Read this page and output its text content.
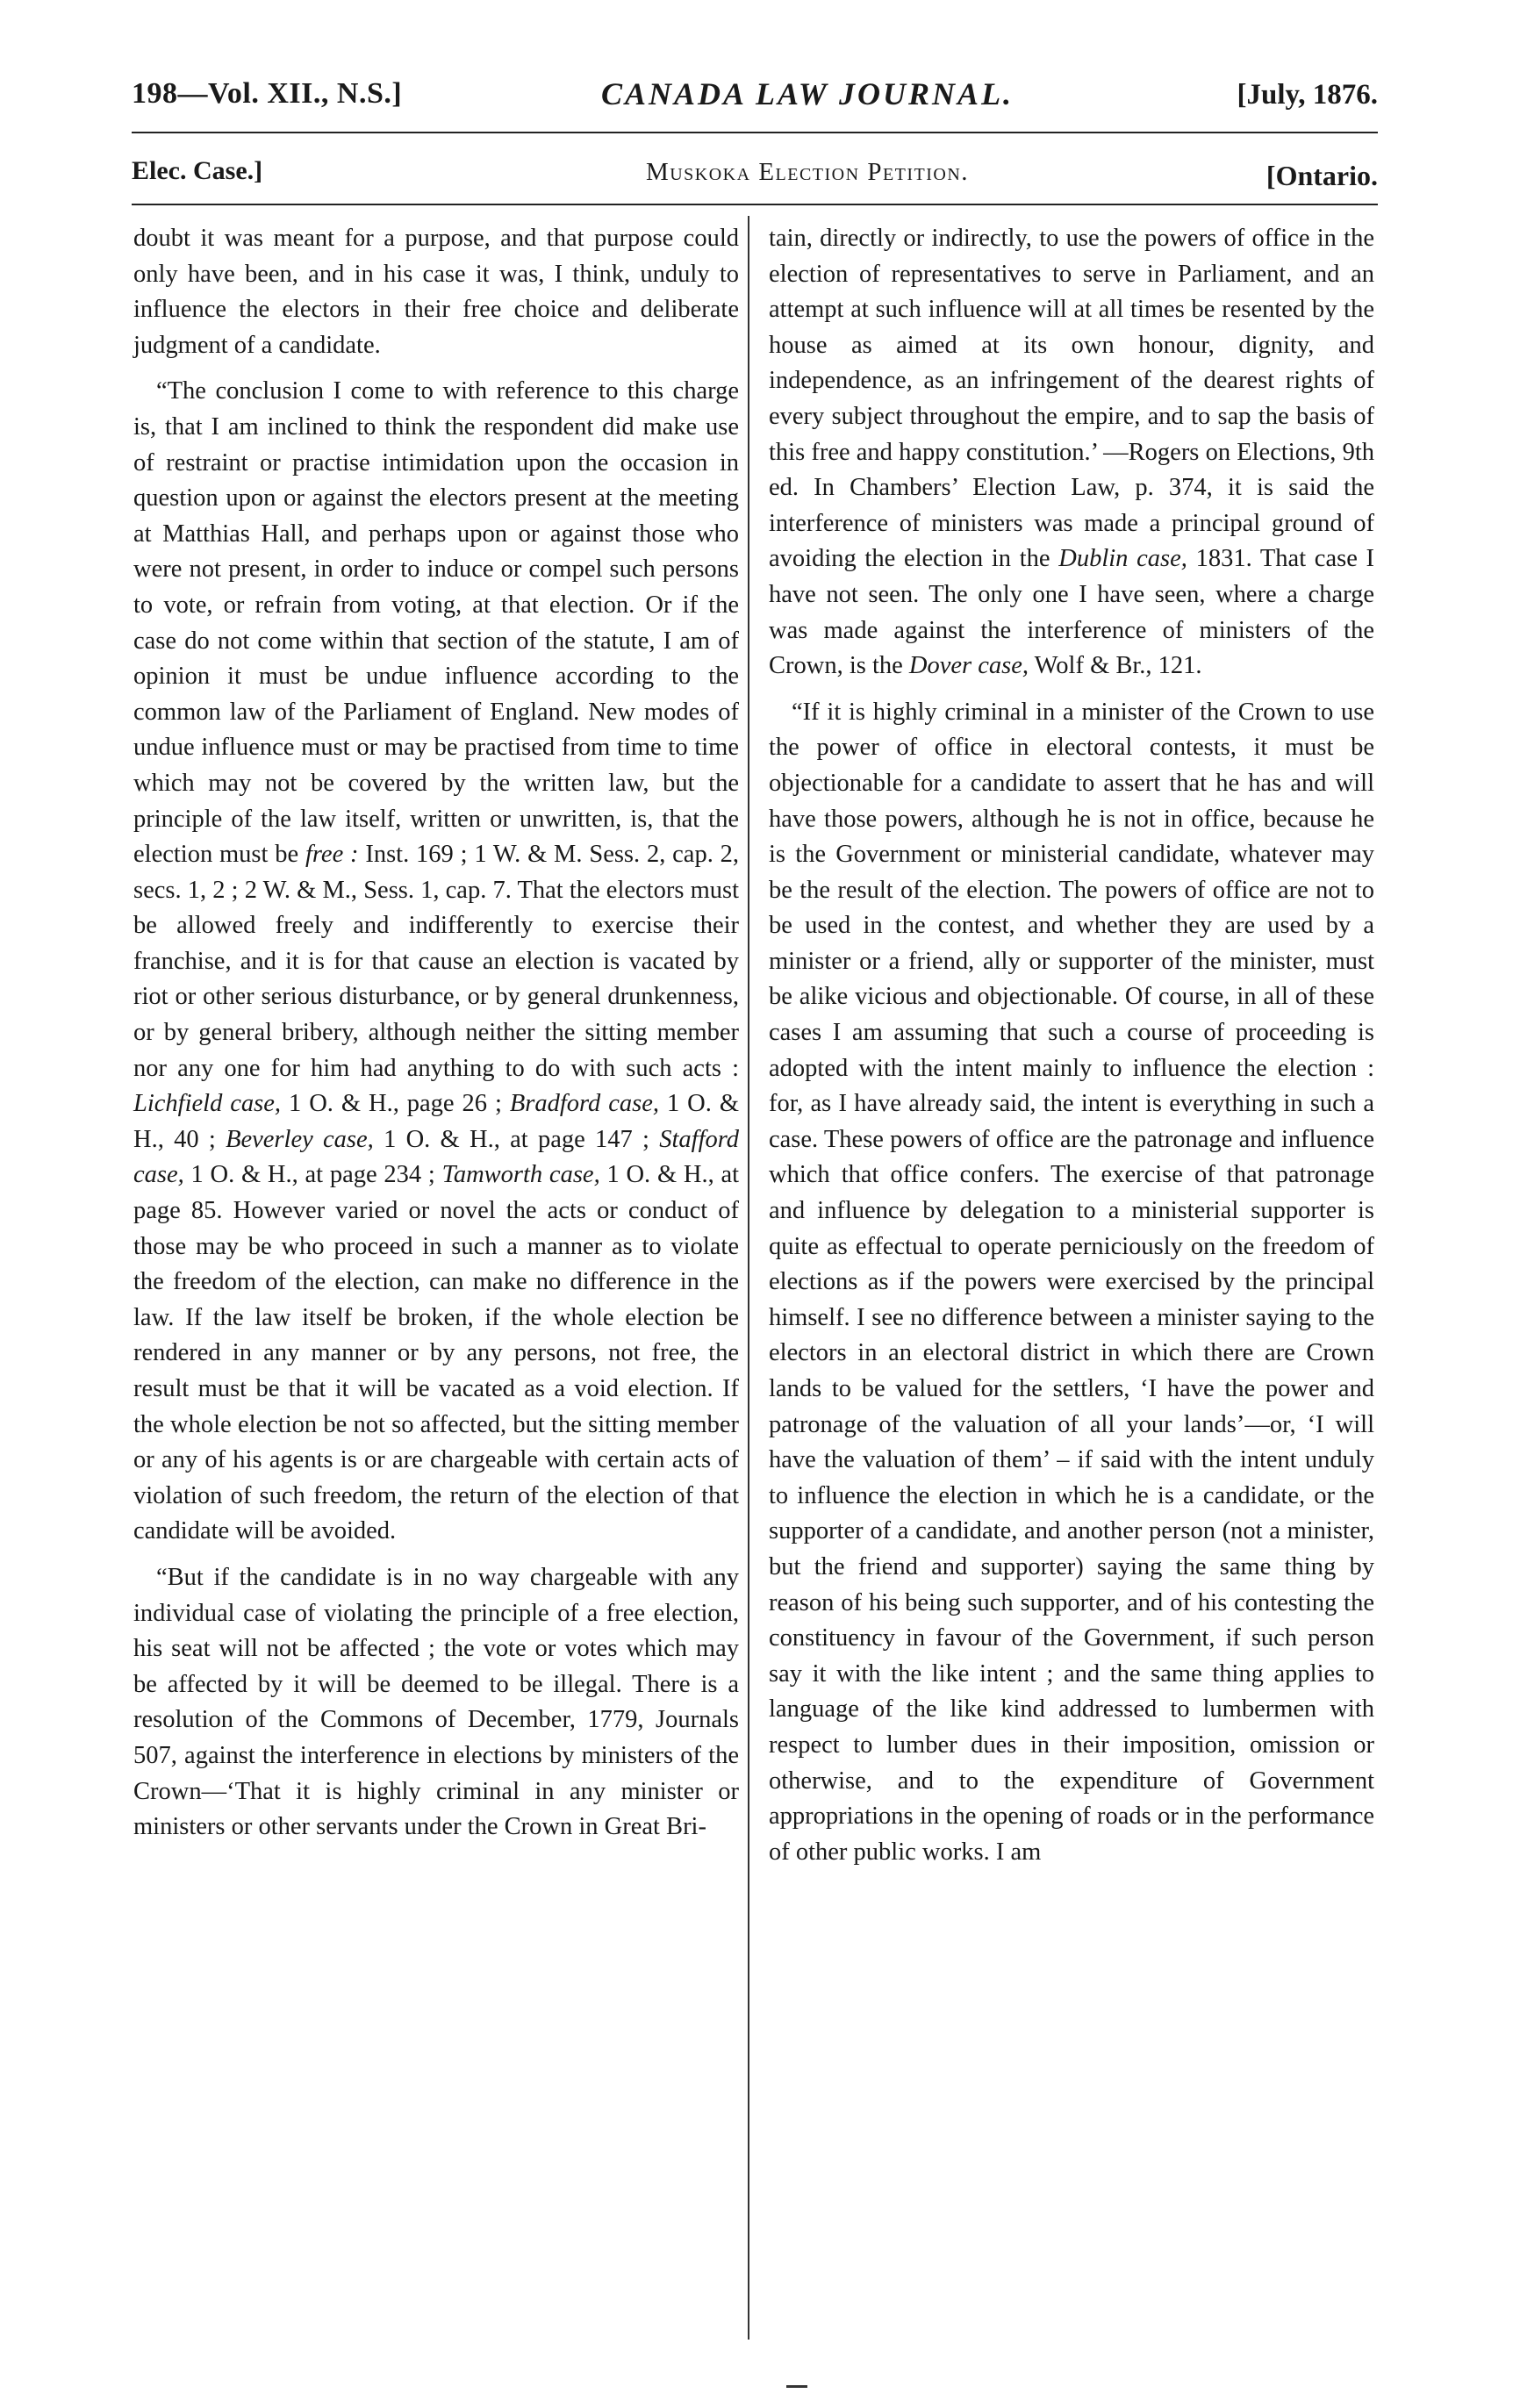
198—Vol. XII., N.S.]	CANADA LAW JOURNAL.	[July, 1876.
Elec. Case.]	Muskoka Election Petition.	[Ontario.

doubt it was meant for a purpose, and that purpose could only have been, and in his case it was, I think, unduly to influence the electors in their free choice and deliberate judgment of a candidate.

“The conclusion I come to with reference to this charge is, that I am inclined to think the respondent did make use of restraint or practise intimidation upon the occasion in question upon or against the electors present at the meeting at Matthias Hall, and perhaps upon or against those who were not present, in order to induce or compel such persons to vote, or refrain from voting, at that election. Or if the case do not come within that section of the statute, I am of opinion it must be undue influence according to the common law of the Parliament of England. New modes of undue influence must or may be practised from time to time which may not be covered by the written law, but the principle of the law itself, written or unwritten, is, that the election must be free : Inst. 169 ; 1 W. & M. Sess. 2, cap. 2, secs. 1, 2 ; 2 W. & M., Sess. 1, cap. 7. That the electors must be allowed freely and indifferently to exercise their franchise, and it is for that cause an election is vacated by riot or other serious disturbance, or by general drunkenness, or by general bribery, although neither the sitting member nor any one for him had anything to do with such acts : Lichfield case, 1 O. & H., page 26 ; Bradford case, 1 O. & H., 40 ; Beverley case, 1 O. & H., at page 147 ; Stafford case, 1 O. & H., at page 234 ; Tamworth case, 1 O. & H., at page 85. However varied or novel the acts or conduct of those may be who proceed in such a manner as to violate the freedom of the election, can make no difference in the law. If the law itself be broken, if the whole election be rendered in any manner or by any persons, not free, the result must be that it will be vacated as a void election. If the whole election be not so affected, but the sitting member or any of his agents is or are chargeable with certain acts of violation of such freedom, the return of the election of that candidate will be avoided.

“But if the candidate is in no way chargeable with any individual case of violating the principle of a free election, his seat will not be affected ; the vote or votes which may be affected by it will be deemed to be illegal. There is a resolution of the Commons of December, 1779, Journals 507, against the interference in elections by ministers of the Crown—‘That it is highly criminal in any minister or ministers or other servants under the Crown in Great Bri-

tain, directly or indirectly, to use the powers of office in the election of representatives to serve in Parliament, and an attempt at such influence will at all times be resented by the house as aimed at its own honour, dignity, and independence, as an infringement of the dearest rights of every subject throughout the empire, and to sap the basis of this free and happy constitution.’ —Rogers on Elections, 9th ed. In Chambers’ Election Law, p. 374, it is said the interference of ministers was made a principal ground of avoiding the election in the Dublin case, 1831. That case I have not seen. The only one I have seen, where a charge was made against the interference of ministers of the Crown, is the Dover case, Wolf & Br., 121.

“If it is highly criminal in a minister of the Crown to use the power of office in electoral contests, it must be objectionable for a candidate to assert that he has and will have those powers, although he is not in office, because he is the Government or ministerial candidate, whatever may be the result of the election. The powers of office are not to be used in the contest, and whether they are used by a minister or a friend, ally or supporter of the minister, must be alike vicious and objectionable. Of course, in all of these cases I am assuming that such a course of proceeding is adopted with the intent mainly to influence the election : for, as I have already said, the intent is everything in such a case. These powers of office are the patronage and influence which that office confers. The exercise of that patronage and influence by delegation to a ministerial supporter is quite as effectual to operate perniciously on the freedom of elections as if the powers were exercised by the principal himself. I see no difference between a minister saying to the electors in an electoral district in which there are Crown lands to be valued for the settlers, ‘I have the power and patronage of the valuation of all your lands’—or, ‘I will have the valuation of them’ – if said with the intent unduly to influence the election in which he is a candidate, or the supporter of a candidate, and another person (not a minister, but the friend and supporter) saying the same thing by reason of his being such supporter, and of his contesting the constituency in favour of the Government, if such person say it with the like intent ; and the same thing applies to language of the like kind addressed to lumbermen with respect to lumber dues in their imposition, omission or otherwise, and to the expenditure of Government appropriations in the opening of roads or in the performance of other public works. I am
